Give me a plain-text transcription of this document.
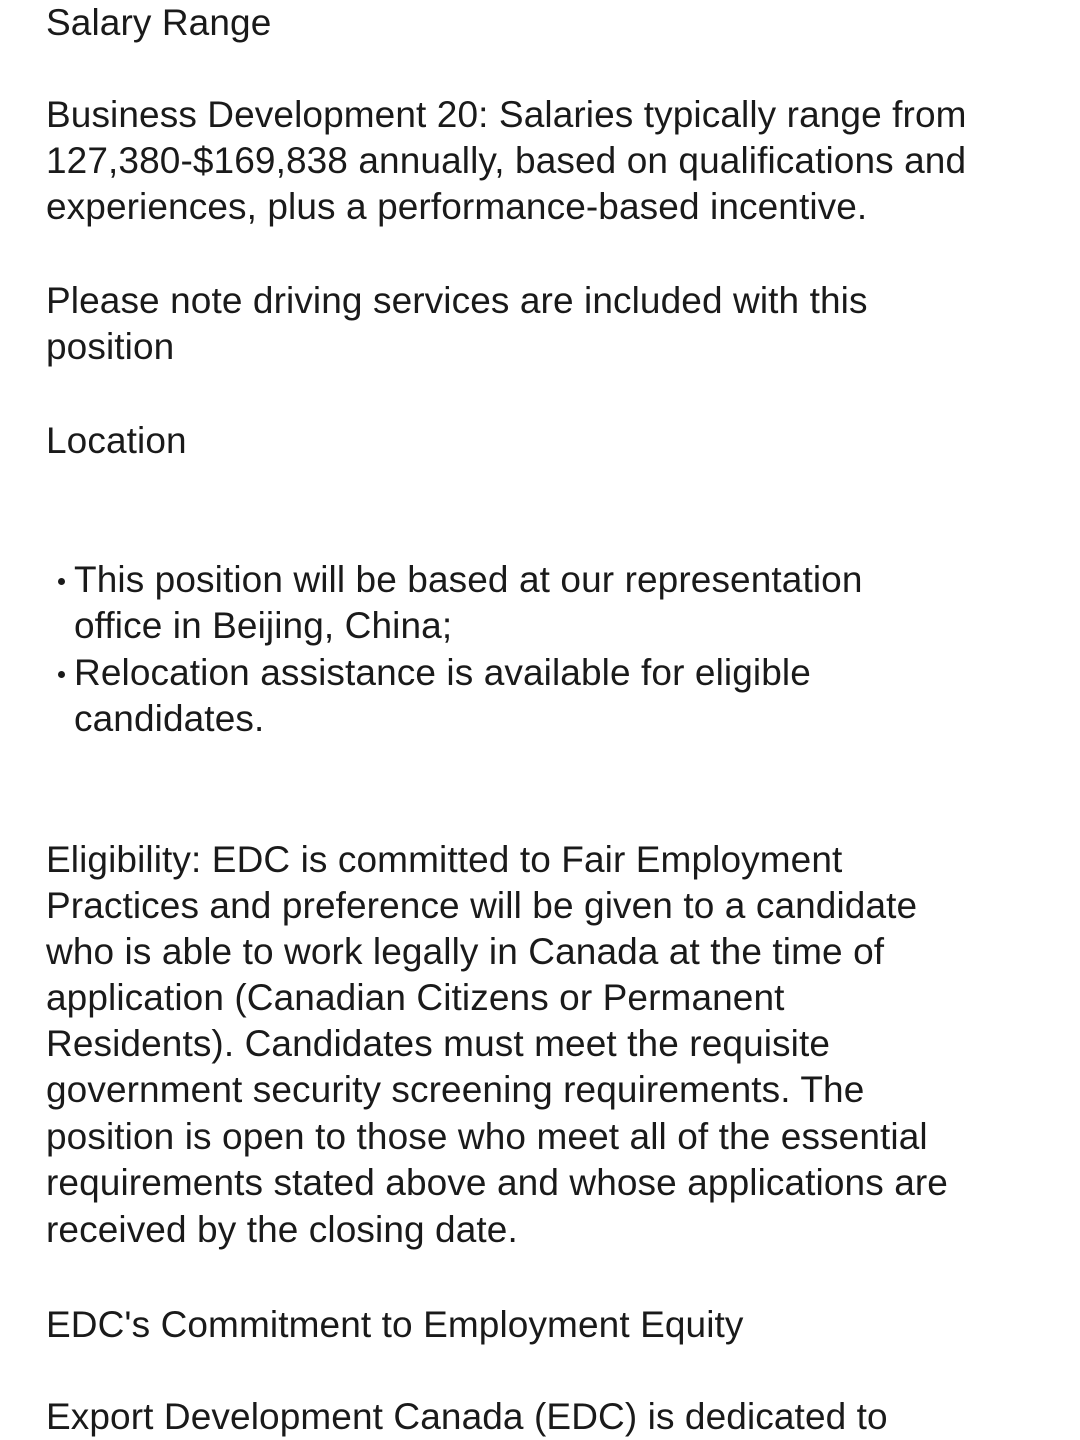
Salary Range
Business Development 20: Salaries typically range from
127,380-$169,838 annually, based on qualifications and
experiences, plus a performance-based incentive.
Please note driving services are included with this
position
Location
This position will be based at our representation
office in Beijing, China;
Relocation assistance is available for eligible
candidates.
Eligibility: EDC is committed to Fair Employment
Practices and preference will be given to a candidate
who is able to work legally in Canada at the time of
application (Canadian Citizens or Permanent
Residents). Candidates must meet the requisite
government security screening requirements. The
position is open to those who meet all of the essential
requirements stated above and whose applications are
received by the closing date.
EDC's Commitment to Employment Equity
Export Development Canada (EDC) is dedicated to
